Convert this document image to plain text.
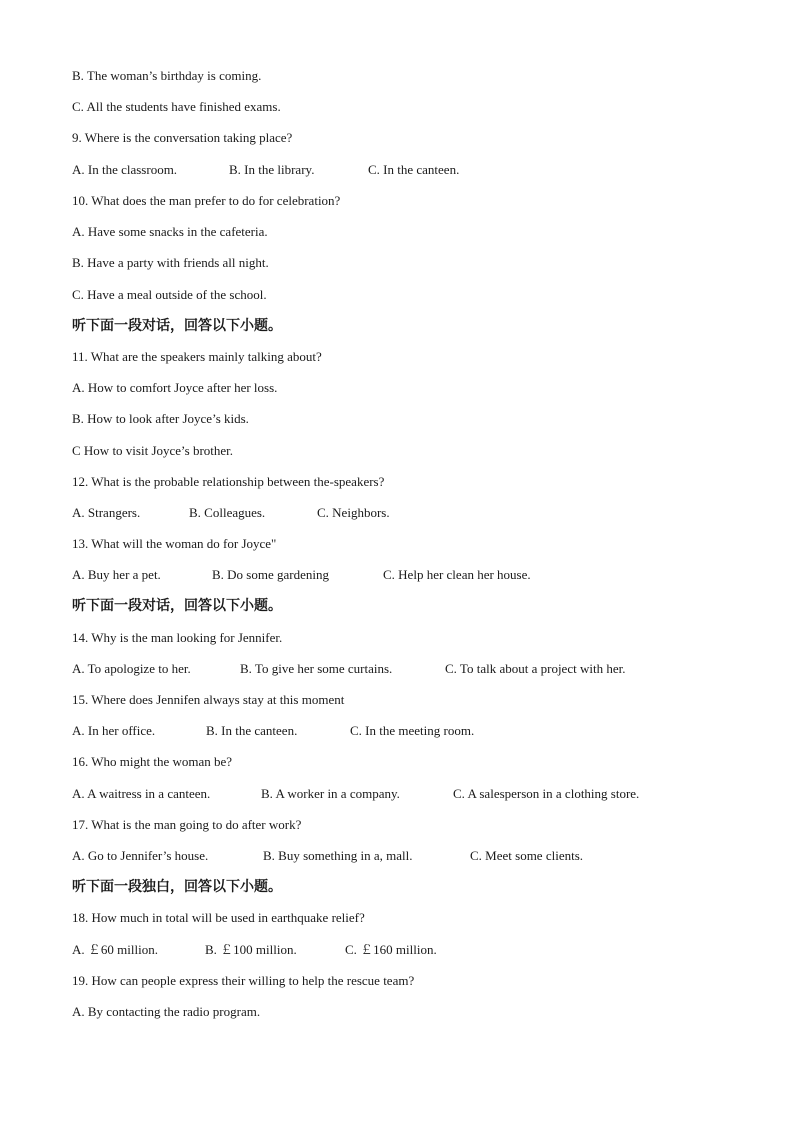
B. The woman’s birthday is coming.
C. All the students have finished exams.
9. Where is the conversation taking place?
A. In the classroom.	B. In the library.	C. In the canteen.
10. What does the man prefer to do for celebration?
A. Have some snacks in the cafeteria.
B. Have a party with friends all night.
C. Have a meal outside of the school.
听下面一段对话，回答以下小题。
11. What are the speakers mainly talking about?
A. How to comfort Joyce after her loss.
B. How to look after Joyce’s kids.
C How to visit Joyce’s brother.
12. What is the probable relationship between the-speakers?
A. Strangers.	B. Colleagues.	C. Neighbors.
13. What will the woman do for Joyce"
A. Buy her a pet.	B. Do some gardening	C. Help her clean her house.
听下面一段对话，回答以下小题。
14. Why is the man looking for Jennifer.
A. To apologize to her.	B. To give her some curtains.	C. To talk about a project with her.
15. Where does Jennifen always stay at this moment
A. In her office.	B. In the canteen.	C. In the meeting room.
16. Who might the woman be?
A. A waitress in a canteen.	B. A worker in a company.	C. A salesperson in a clothing store.
17. What is the man going to do after work?
A. Go to Jennifer’s house.	B. Buy something in a, mall.	C. Meet some clients.
听下面一段独白，回答以下小题。
18. How much in total will be used in earthquake relief?
A. ￡60 million.	B. ￡100 million.	C. ￡160 million.
19. How can people express their willing to help the rescue team?
A. By contacting the radio program.
